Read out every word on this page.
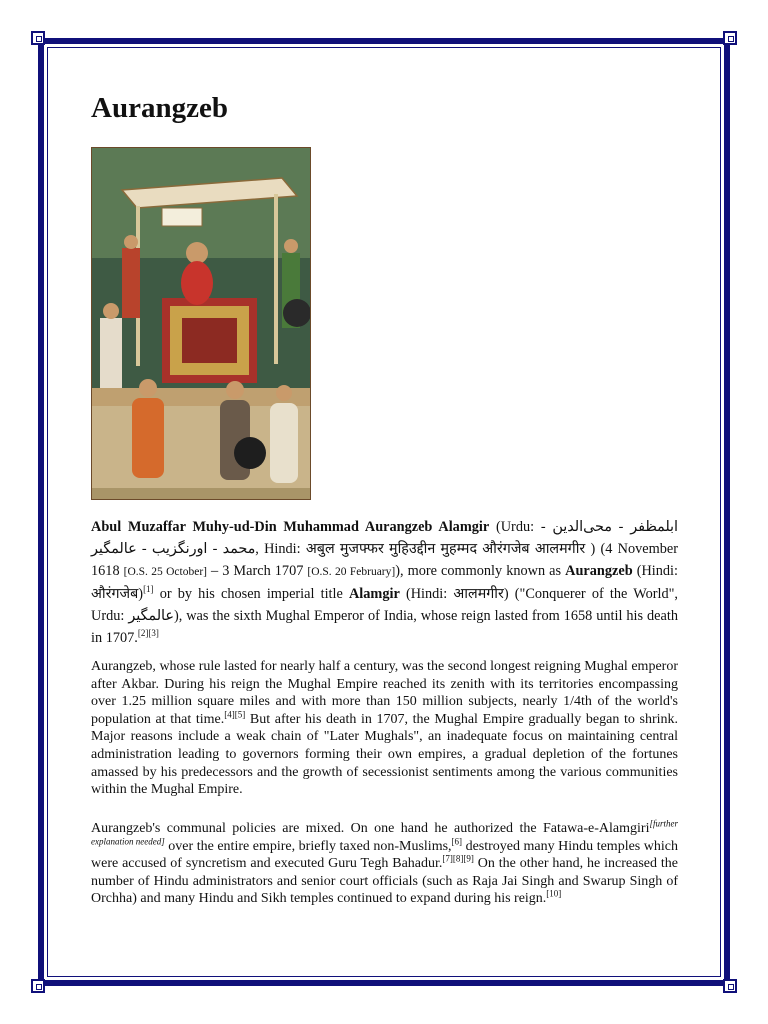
Aurangzeb

Abul Muzaffar Muhy-ud-Din Muhammad Aurangzeb Alamgir (Urdu: ابلمظفر - محی‌الدین - محمد - اورنگزیب - عالمگیر, Hindi: अबुल मुजफ्फर मुहिउद्दीन मुहम्मद औरंगजेब आलमगीर ) (4 November 1618 [O.S. 25 October] – 3 March 1707 [O.S. 20 February]), more commonly known as Aurangzeb (Hindi: औरंगजेब)[1] or by his chosen imperial title Alamgir (Hindi: आलमगीर) ("Conquerer of the World", Urdu: عالمگیر), was the sixth Mughal Emperor of India, whose reign lasted from 1658 until his death in 1707.[2][3]

Aurangzeb, whose rule lasted for nearly half a century, was the second longest reigning Mughal emperor after Akbar. During his reign the Mughal Empire reached its zenith with its territories encompassing over 1.25 million square miles and with more than 150 million subjects, nearly 1/4th of the world's population at that time.[4][5] But after his death in 1707, the Mughal Empire gradually began to shrink. Major reasons include a weak chain of "Later Mughals", an inadequate focus on maintaining central administration leading to governors forming their own empires, a gradual depletion of the fortunes amassed by his predecessors and the growth of secessionist sentiments among the various communities within the Mughal Empire.

Aurangzeb's communal policies are mixed. On one hand he authorized the Fatawa-e-Alamgiri[further explanation needed] over the entire empire, briefly taxed non-Muslims,[6] destroyed many Hindu temples which were accused of syncretism and executed Guru Tegh Bahadur.[7][8][9] On the other hand, he increased the number of Hindu administrators and senior court officials (such as Raja Jai Singh and Swarup Singh of Orchha) and many Hindu and Sikh temples continued to expand during his reign.[10]
